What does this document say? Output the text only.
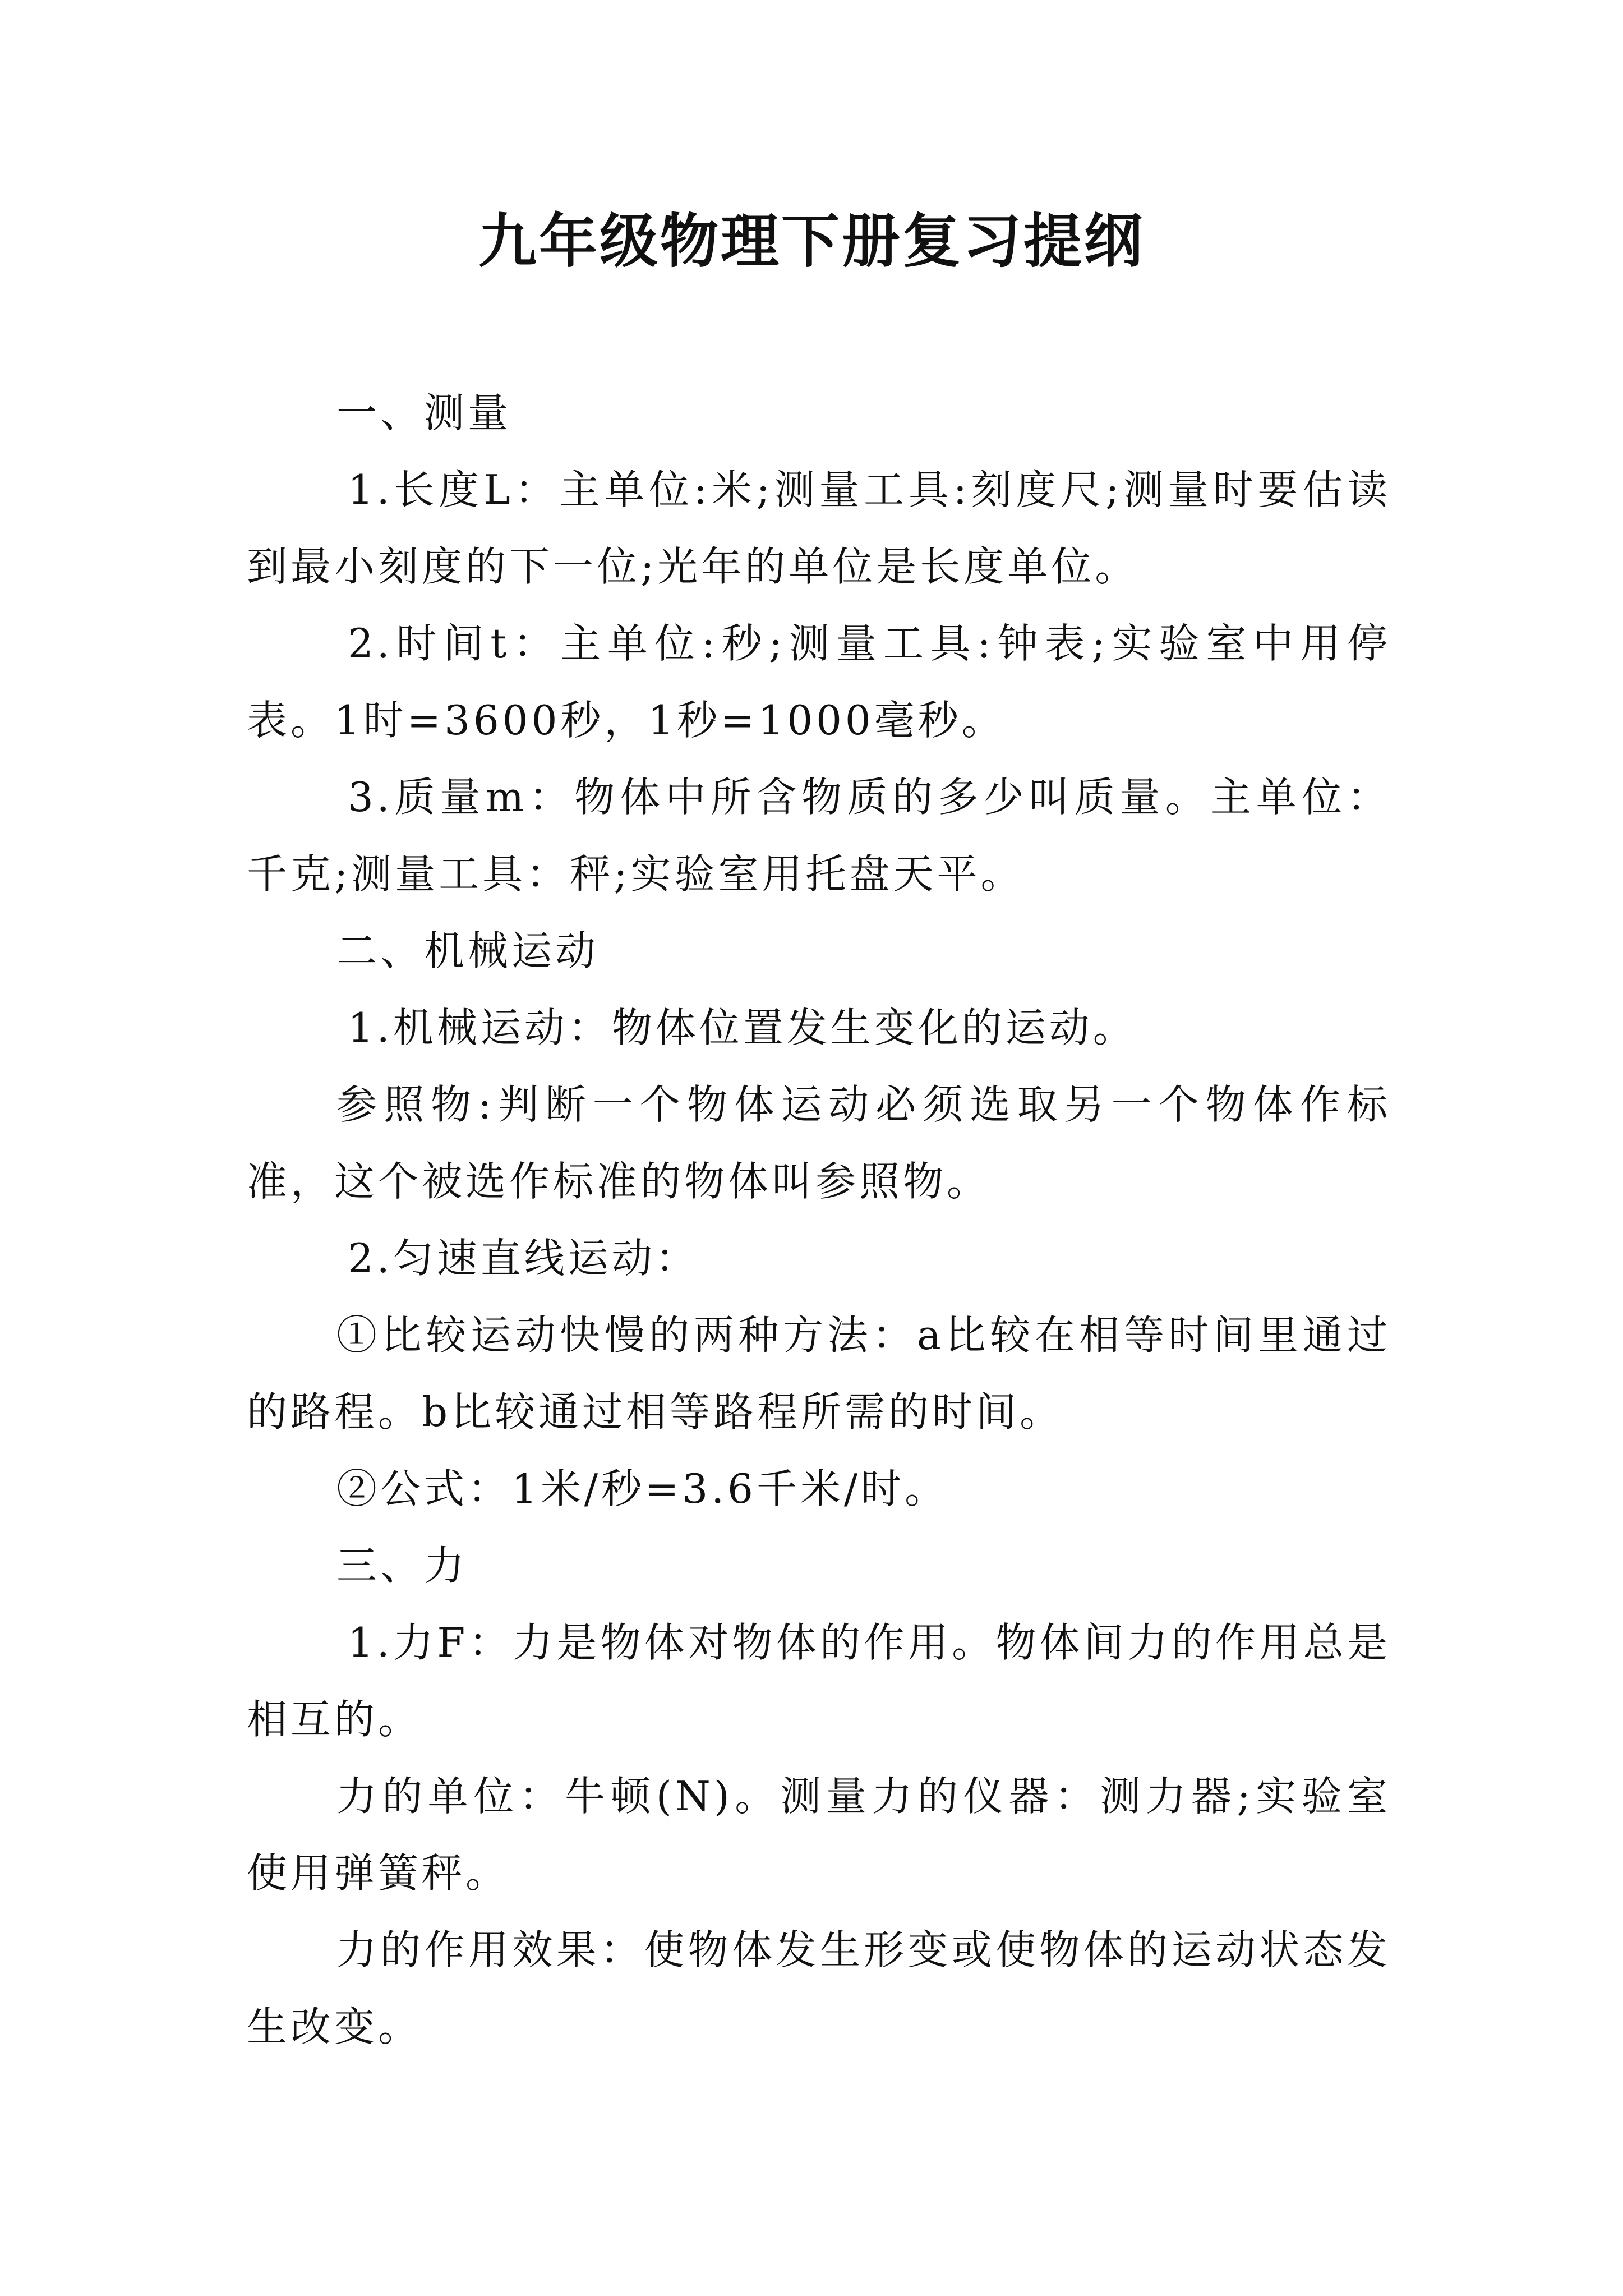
九年级物理下册复习提纲

一、测量

1.长度L：主单位:米;测量工具:刻度尺;测量时要估读到最小刻度的下一位;光年的单位是长度单位。

2.时间t：主单位:秒;测量工具:钟表;实验室中用停表。1时=3600秒，1秒=1000毫秒。

3.质量m：物体中所含物质的多少叫质量。主单位：千克;测量工具：秤;实验室用托盘天平。

二、机械运动

1.机械运动：物体位置发生变化的运动。

参照物:判断一个物体运动必须选取另一个物体作标准，这个被选作标准的物体叫参照物。

2.匀速直线运动：

①比较运动快慢的两种方法：a比较在相等时间里通过的路程。b比较通过相等路程所需的时间。

②公式：1米/秒=3.6千米/时。

三、力

1.力F：力是物体对物体的作用。物体间力的作用总是相互的。

力的单位：牛顿(N)。测量力的仪器：测力器;实验室使用弹簧秤。

力的作用效果：使物体发生形变或使物体的运动状态发生改变。
